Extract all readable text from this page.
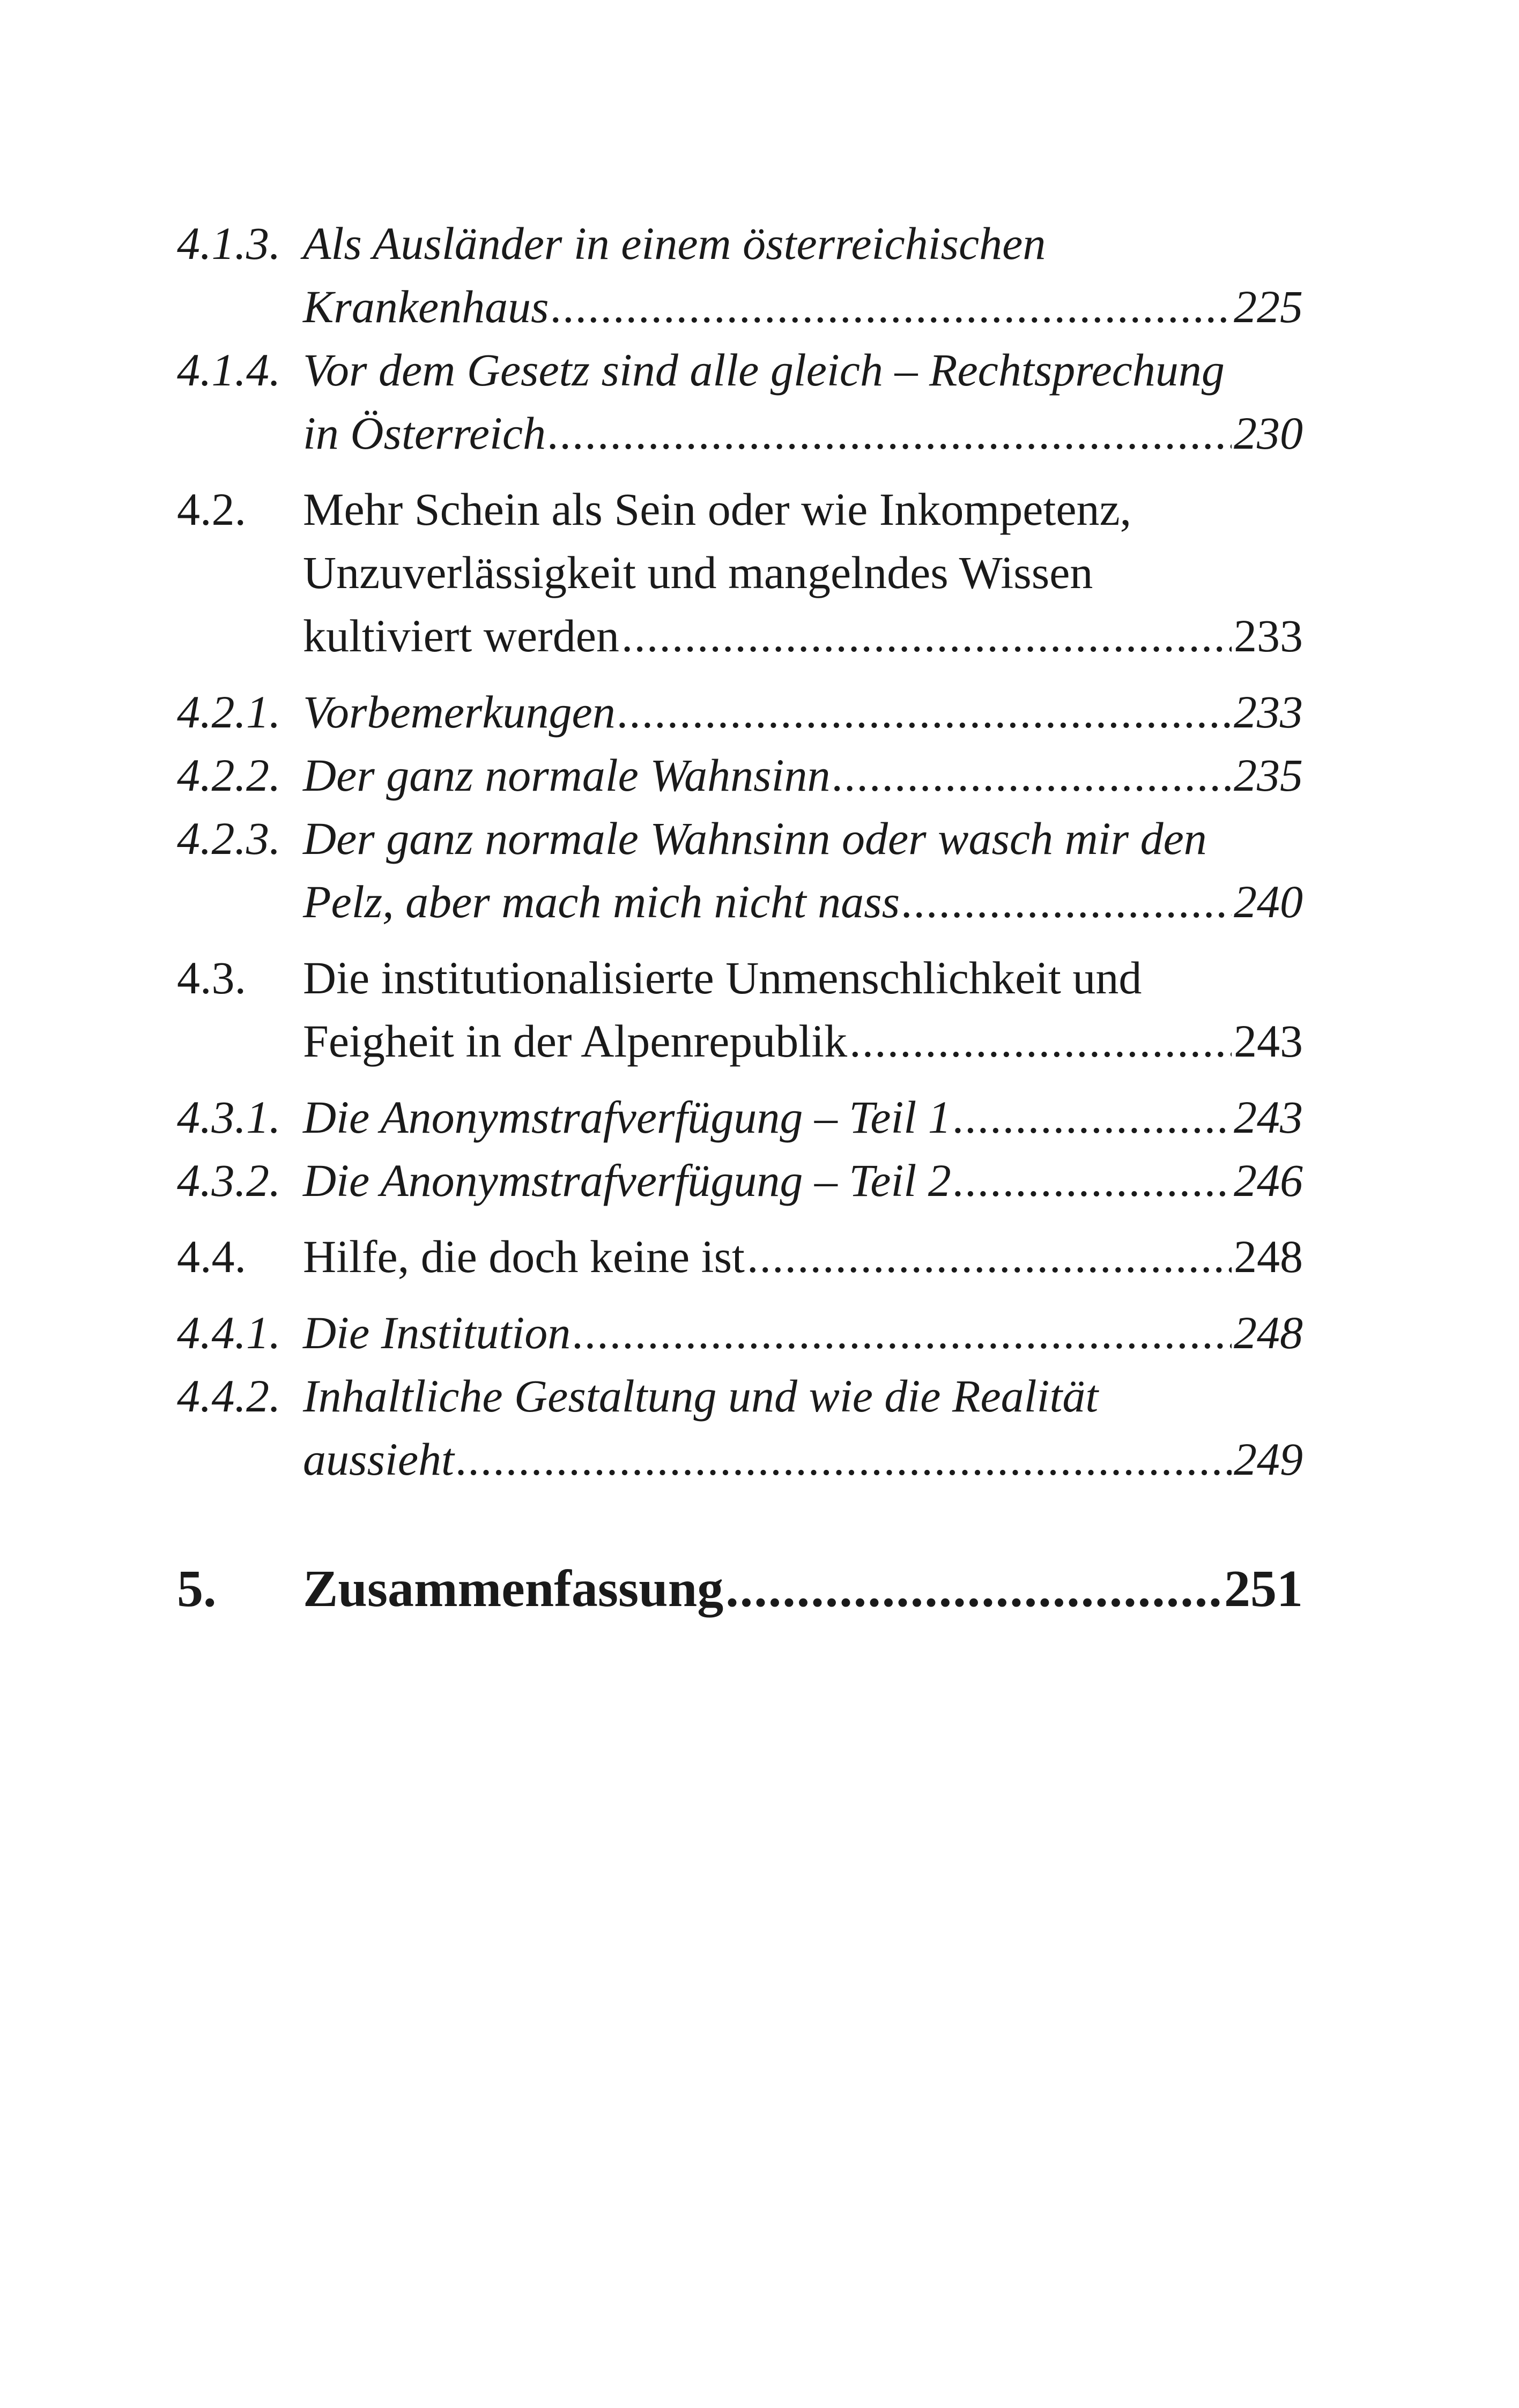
4.1.3. Als Ausländer in einem österreichischen
Krankenhaus .....	225
4.1.4. Vor dem Gesetz sind alle gleich – Rechtsprechung
in Österreich .....	230
4.2.	Mehr Schein als Sein oder wie Inkompetenz,
Unzuverlässigkeit und mangelndes Wissen
kultiviert werden .....	233
4.2.1. Vorbemerkungen .....	233
4.2.2. Der ganz normale Wahnsinn .....	235
4.2.3. Der ganz normale Wahnsinn oder wasch mir den
Pelz, aber mach mich nicht nass .....	240
4.3.	Die institutionalisierte Unmenschlichkeit und
Feigheit in der Alpenrepublik .....	243
4.3.1. Die Anonymstrafverfügung – Teil 1 .....	243
4.3.2. Die Anonymstrafverfügung – Teil 2 .....	246
4.4.	Hilfe, die doch keine ist .....	248
4.4.1. Die Institution .....	248
4.4.2. Inhaltliche Gestaltung und wie die Realität
aussieht .....	249
5.	Zusammenfassung .....	251
